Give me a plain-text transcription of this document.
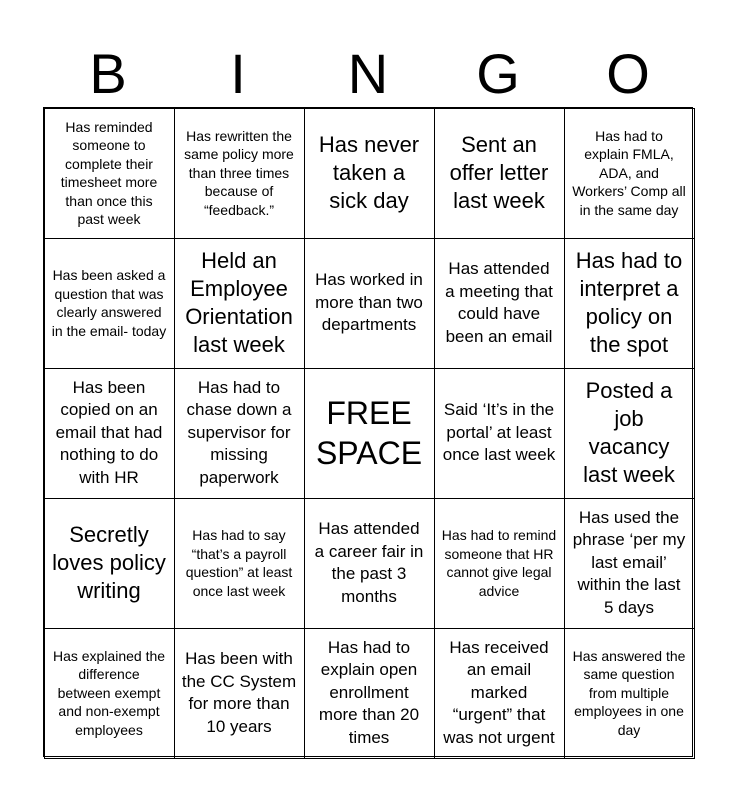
B	I	N	G	O
Has reminded someone to complete their timesheet more than once this past week
Has rewritten the same policy more than three times because of “feedback.”
Has never taken a sick day
Sent an offer letter last week
Has had to explain FMLA, ADA, and Workers’ Comp all in the same day
Has been asked a question that was clearly answered in the email- today
Held an Employee Orientation last week
Has worked in more than two departments
Has attended a meeting that could have been an email
Has had to interpret a policy on the spot
Has been copied on an email that had nothing to do with HR
Has had to chase down a supervisor for missing paperwork
FREE SPACE
Said ‘It’s in the portal’ at least once last week
Posted a job vacancy last week
Secretly loves policy writing
Has had to say “that’s a payroll question” at least once last week
Has attended a career fair in the past 3 months
Has had to remind someone that HR cannot give legal advice
Has used the phrase ‘per my last email’ within the last 5 days
Has explained the difference between exempt and non-exempt employees
Has been with the CC System for more than 10 years
Has had to explain open enrollment more than 20 times
Has received an email marked “urgent” that was not urgent
Has answered the same question from multiple employees in one day
